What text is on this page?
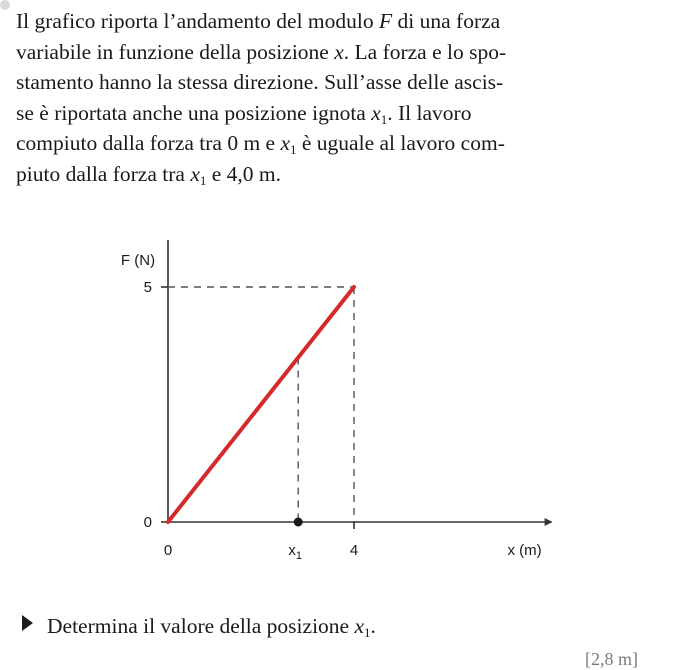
Il grafico riporta l’andamento del modulo F di una forza
variabile in funzione della posizione x. La forza e lo spo-
stamento hanno la stessa direzione. Sull’asse delle ascis-
se è riportata anche una posizione ignota $x_1$. Il lavoro
compiuto dalla forza tra 0 m e $x_1$ è uguale al lavoro com-
piuto dalla forza tra $x_1$ e 4,0 m.
F (N)
x (m)
5
0
0	$x_1$	4
Determina il valore della posizione $x_1$.
[2,8 m]
